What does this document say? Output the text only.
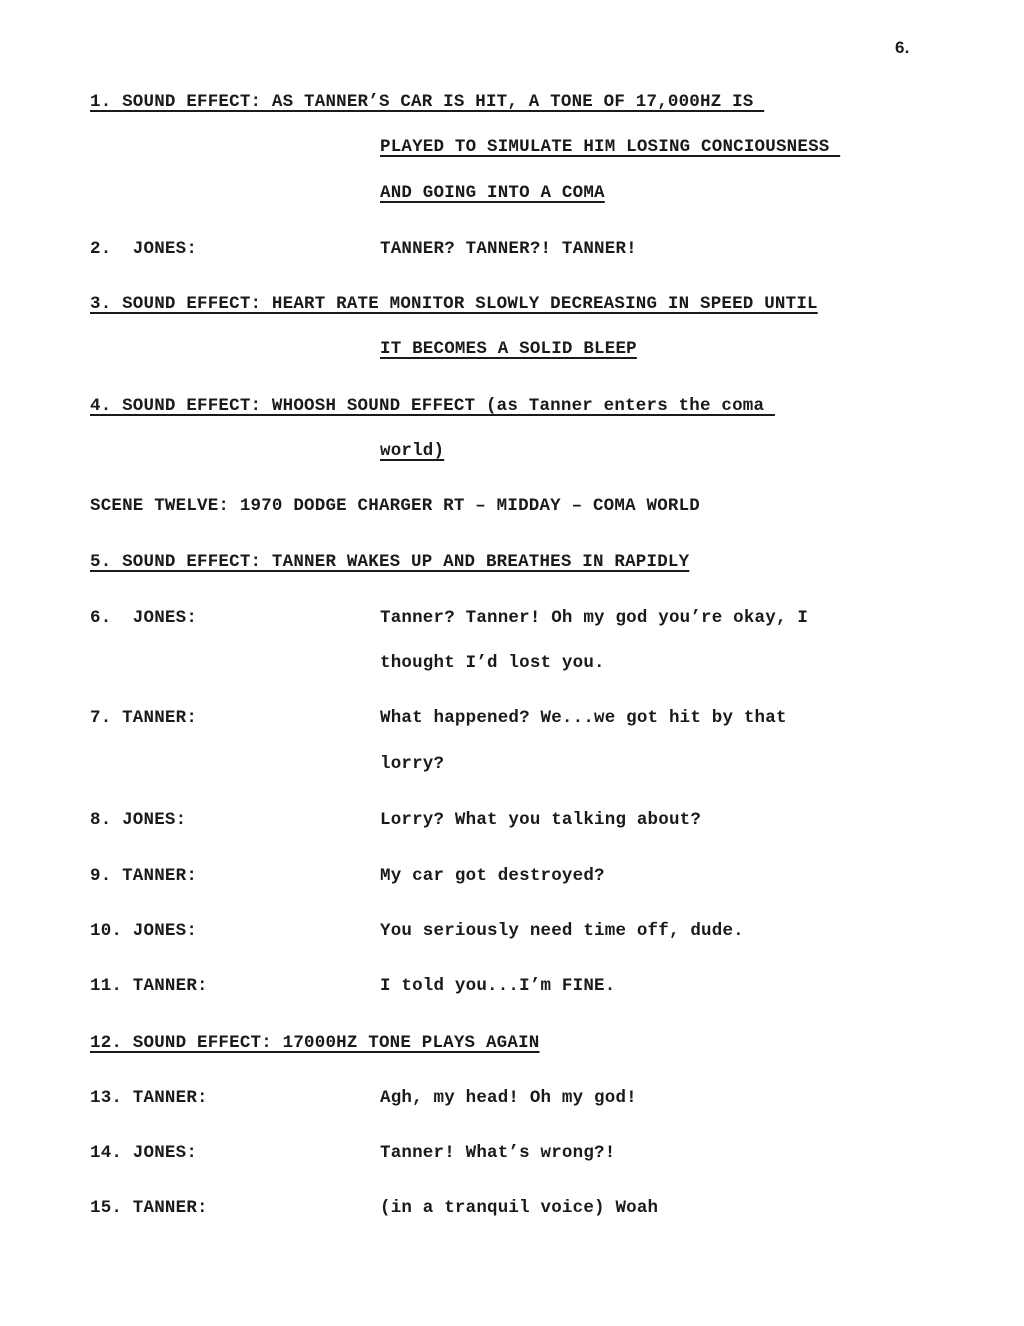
6.
1. SOUND EFFECT: AS TANNER’S CAR IS HIT, A TONE OF 17,000HZ IS
PLAYED TO SIMULATE HIM LOSING CONCIOUSNESS
AND GOING INTO A COMA
2.  JONES:	TANNER? TANNER?! TANNER!
3. SOUND EFFECT: HEART RATE MONITOR SLOWLY DECREASING IN SPEED UNTIL
IT BECOMES A SOLID BLEEP
4. SOUND EFFECT: WHOOSH SOUND EFFECT (as Tanner enters the coma
world)
SCENE TWELVE: 1970 DODGE CHARGER RT – MIDDAY – COMA WORLD
5. SOUND EFFECT: TANNER WAKES UP AND BREATHES IN RAPIDLY
6.  JONES:	Tanner? Tanner! Oh my god you’re okay, I
thought I’d lost you.
7. TANNER:	What happened? We...we got hit by that
lorry?
8. JONES:	Lorry? What you talking about?
9. TANNER:	My car got destroyed?
10. JONES:	You seriously need time off, dude.
11. TANNER:	I told you...I’m FINE.
12. SOUND EFFECT: 17000HZ TONE PLAYS AGAIN
13. TANNER:	Agh, my head! Oh my god!
14. JONES:	Tanner! What’s wrong?!
15. TANNER:	(in a tranquil voice) Woah
